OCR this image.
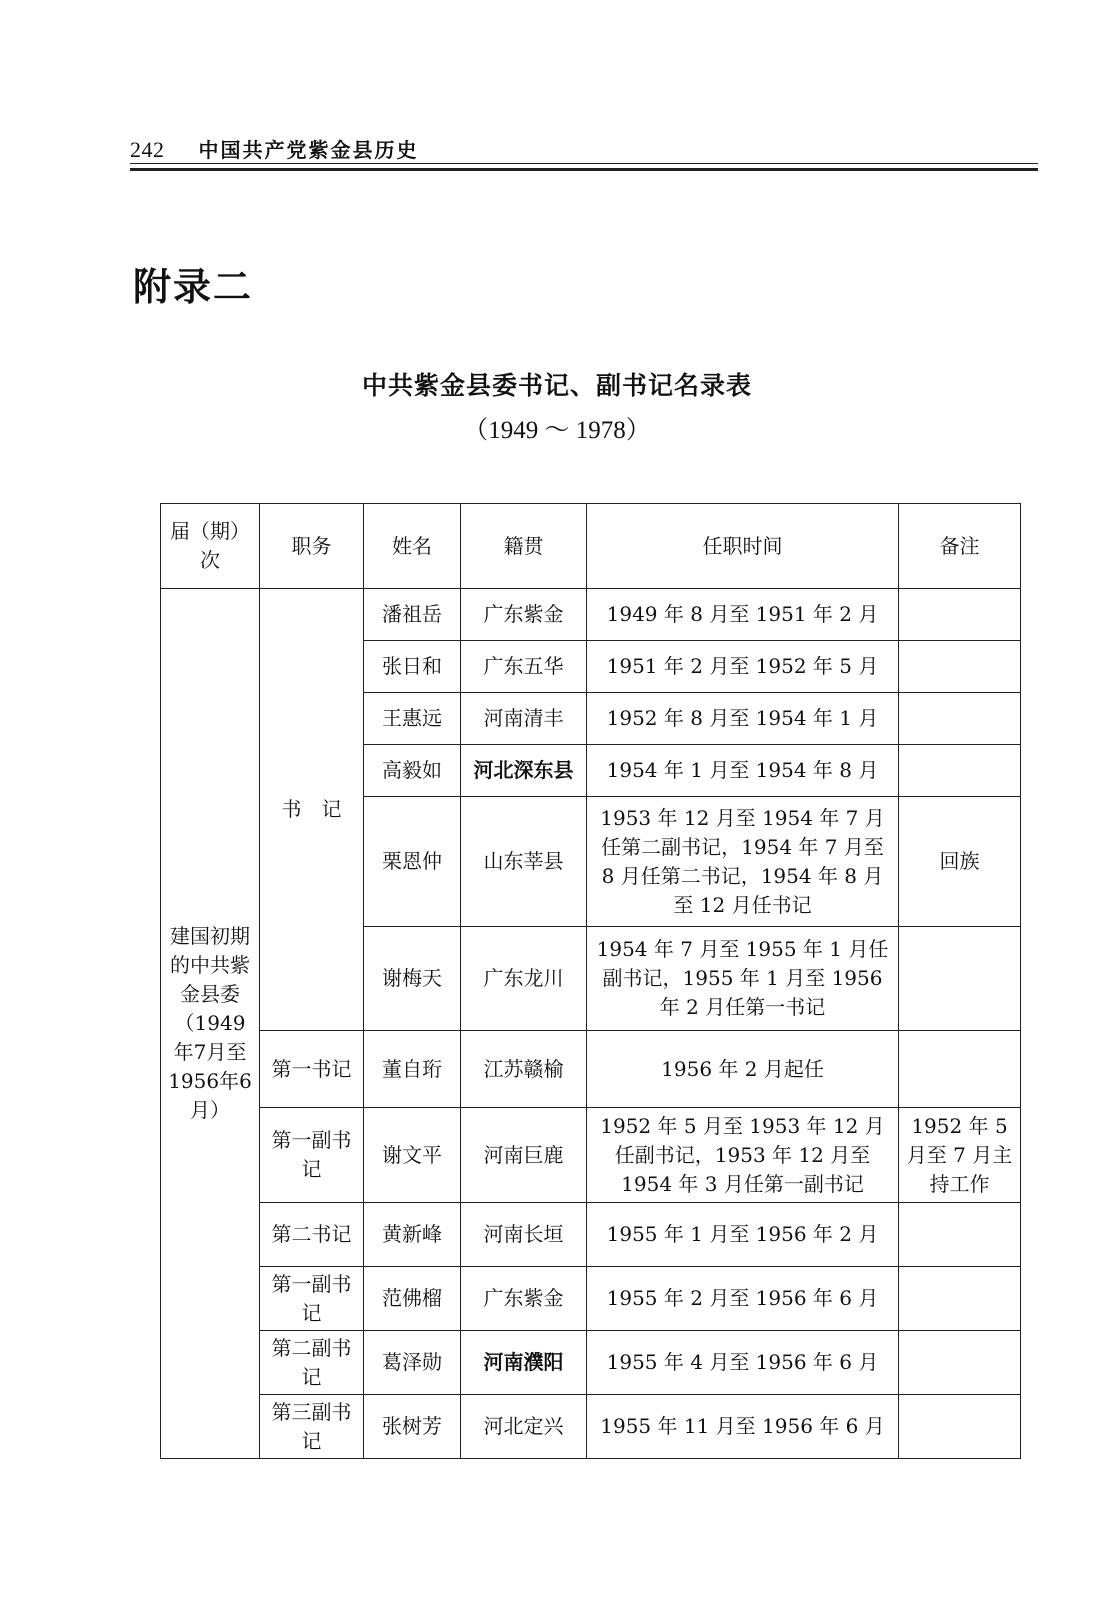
242 中国共产党紫金县历史
附录二
中共紫金县委书记、副书记名录表
（1949 ～ 1978）
届（期）次	职务	姓名	籍贯	任职时间	备注
建国初期的中共紫金县委（1949年7月至1956年6月）	书　记	潘祖岳	广东紫金	1949 年 8 月至 1951 年 2 月	
		张日和	广东五华	1951 年 2 月至 1952 年 5 月	
		王惠远	河南清丰	1952 年 8 月至 1954 年 1 月	
		高毅如	河北深东县	1954 年 1 月至 1954 年 8 月	
		栗恩仲	山东莘县	1953 年 12 月至 1954 年 7 月任第二副书记，1954 年 7 月至 8 月任第二书记，1954 年 8 月至 12 月任书记	回族
		谢梅天	广东龙川	1954 年 7 月至 1955 年 1 月任副书记，1955 年 1 月至 1956 年 2 月任第一书记	
	第一书记	董自珩	江苏赣榆	1956 年 2 月起任	
	第一副书记	谢文平	河南巨鹿	1952 年 5 月至 1953 年 12 月任副书记，1953 年 12 月至 1954 年 3 月任第一副书记	1952 年 5 月至 7 月主持工作
	第二书记	黄新峰	河南长垣	1955 年 1 月至 1956 年 2 月	
	第一副书记	范佛榴	广东紫金	1955 年 2 月至 1956 年 6 月	
	第二副书记	葛泽勋	河南濮阳	1955 年 4 月至 1956 年 6 月	
	第三副书记	张树芳	河北定兴	1955 年 11 月至 1956 年 6 月	
